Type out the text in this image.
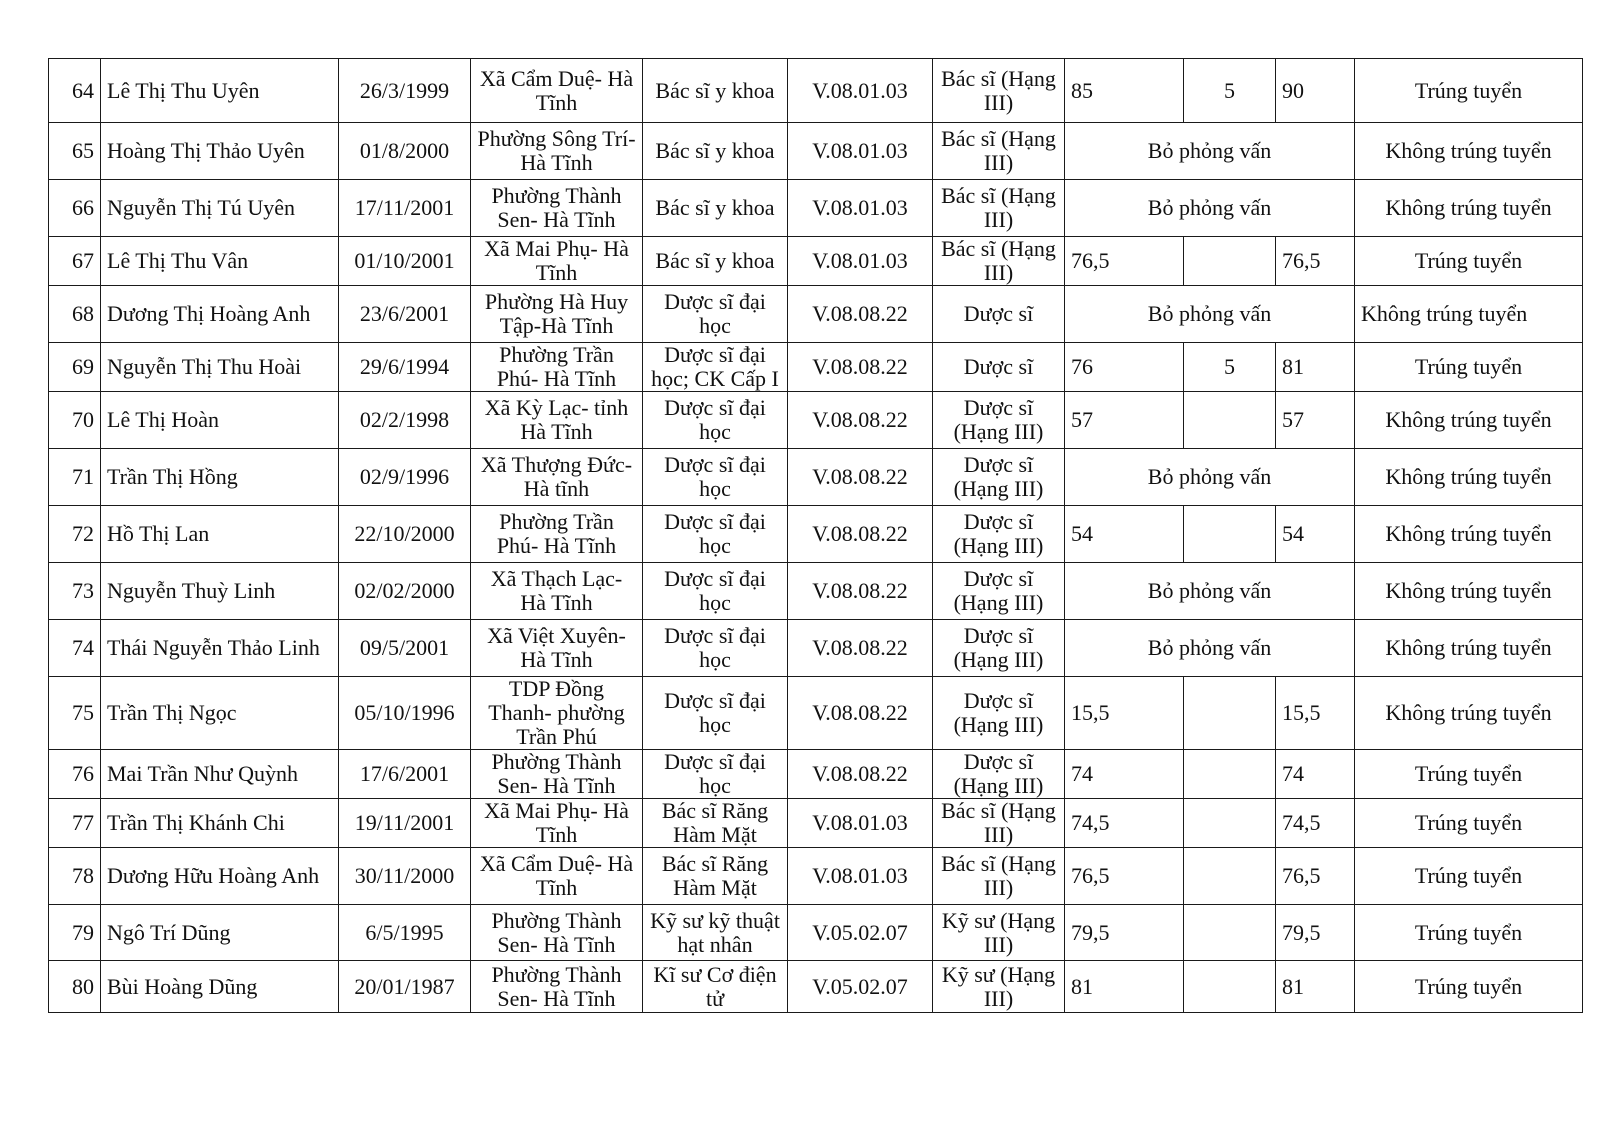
64	Lê Thị Thu Uyên	26/3/1999	Xã Cẩm Duệ- Hà Tĩnh	Bác sĩ y khoa	V.08.01.03	Bác sĩ (Hạng III)	85	5	90	Trúng tuyển
65	Hoàng Thị Thảo Uyên	01/8/2000	Phường Sông Trí- Hà Tĩnh	Bác sĩ y khoa	V.08.01.03	Bác sĩ (Hạng III)	Bỏ phỏng vấn			Không trúng tuyển
66	Nguyễn Thị Tú Uyên	17/11/2001	Phường Thành Sen- Hà Tĩnh	Bác sĩ y khoa	V.08.01.03	Bác sĩ (Hạng III)	Bỏ phỏng vấn			Không trúng tuyển
67	Lê Thị Thu Vân	01/10/2001	Xã Mai Phụ- Hà Tĩnh	Bác sĩ y khoa	V.08.01.03	Bác sĩ (Hạng III)	76,5		76,5	Trúng tuyển
68	Dương Thị Hoàng Anh	23/6/2001	Phường Hà Huy Tập-Hà Tĩnh	Dược sĩ đại học	V.08.08.22	Dược sĩ	Bỏ phỏng vấn			Không trúng tuyển
69	Nguyễn Thị Thu Hoài	29/6/1994	Phường Trần Phú- Hà Tĩnh	Dược sĩ đại học; CK Cấp I	V.08.08.22	Dược sĩ	76	5	81	Trúng tuyển
70	Lê Thị Hoàn	02/2/1998	Xã Kỳ Lạc- tỉnh Hà Tĩnh	Dược sĩ đại học	V.08.08.22	Dược sĩ (Hạng III)	57		57	Không trúng tuyển
71	Trần Thị Hồng	02/9/1996	Xã Thượng Đức- Hà tĩnh	Dược sĩ đại học	V.08.08.22	Dược sĩ (Hạng III)	Bỏ phỏng vấn			Không trúng tuyển
72	Hồ Thị Lan	22/10/2000	Phường Trần Phú- Hà Tĩnh	Dược sĩ đại học	V.08.08.22	Dược sĩ (Hạng III)	54		54	Không trúng tuyển
73	Nguyễn Thuỳ Linh	02/02/2000	Xã Thạch Lạc- Hà Tĩnh	Dược sĩ đại học	V.08.08.22	Dược sĩ (Hạng III)	Bỏ phỏng vấn			Không trúng tuyển
74	Thái Nguyễn Thảo Linh	09/5/2001	Xã Việt Xuyên- Hà Tĩnh	Dược sĩ đại học	V.08.08.22	Dược sĩ (Hạng III)	Bỏ phỏng vấn			Không trúng tuyển
75	Trần Thị Ngọc	05/10/1996	TDP Đồng Thanh- phường Trần Phú	Dược sĩ đại học	V.08.08.22	Dược sĩ (Hạng III)	15,5		15,5	Không trúng tuyển
76	Mai Trần Như Quỳnh	17/6/2001	Phường Thành Sen- Hà Tĩnh	Dược sĩ đại học	V.08.08.22	Dược sĩ (Hạng III)	74		74	Trúng tuyển
77	Trần Thị Khánh Chi	19/11/2001	Xã Mai Phụ- Hà Tĩnh	Bác sĩ Răng Hàm Mặt	V.08.01.03	Bác sĩ (Hạng III)	74,5		74,5	Trúng tuyển
78	Dương Hữu Hoàng Anh	30/11/2000	Xã Cẩm Duệ- Hà Tĩnh	Bác sĩ Răng Hàm Mặt	V.08.01.03	Bác sĩ (Hạng III)	76,5		76,5	Trúng tuyển
79	Ngô Trí Dũng	6/5/1995	Phường Thành Sen- Hà Tĩnh	Kỹ sư kỹ thuật hạt nhân	V.05.02.07	Kỹ sư (Hạng III)	79,5		79,5	Trúng tuyển
80	Bùi Hoàng Dũng	20/01/1987	Phường Thành Sen- Hà Tĩnh	Kĩ sư Cơ điện tử	V.05.02.07	Kỹ sư (Hạng III)	81		81	Trúng tuyển
